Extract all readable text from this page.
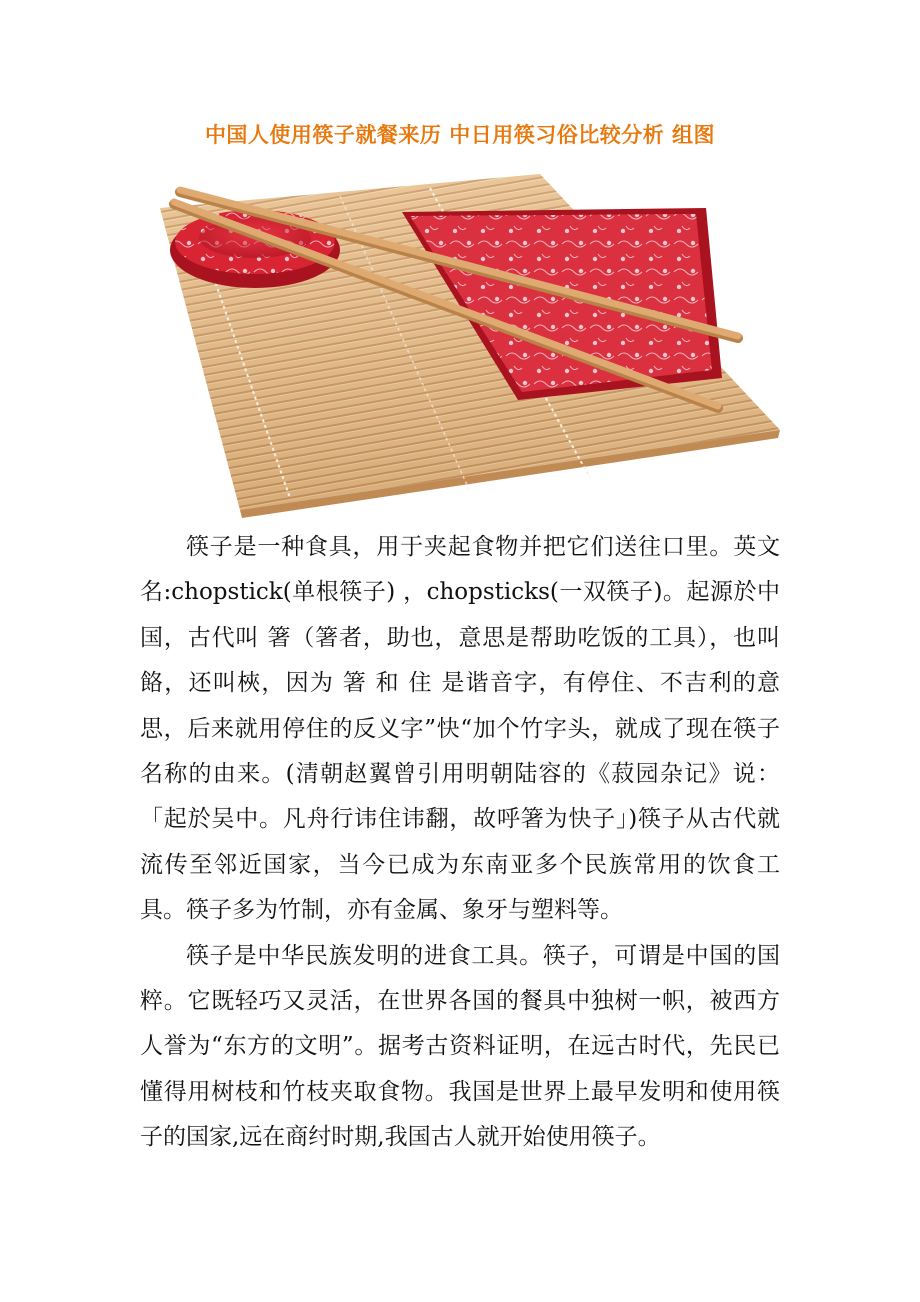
中国人使用筷子就餐来历 中日用筷习俗比较分析 组图

筷子是一种食具，用于夹起食物并把它们送往口里。英文名:chopstick(单根筷子) ，chopsticks(一双筷子)。起源於中国，古代叫 箸（箸者，助也，意思是帮助吃饭的工具），也叫餎，还叫梜，因为 箸 和 住 是谐音字，有停住、不吉利的意思，后来就用停住的反义字”快“加个竹字头，就成了现在筷子名称的由来。(清朝赵翼曾引用明朝陆容的《菽园杂记》说：「起於吴中。凡舟行讳住讳翻，故呼箸为快子」)筷子从古代就流传至邻近国家，当今已成为东南亚多个民族常用的饮食工具。筷子多为竹制，亦有金属、象牙与塑料等。

筷子是中华民族发明的进食工具。筷子，可谓是中国的国粹。它既轻巧又灵活，在世界各国的餐具中独树一帜，被西方人誉为“东方的文明”。据考古资料证明，在远古时代，先民已懂得用树枝和竹枝夹取食物。我国是世界上最早发明和使用筷子的国家,远在商纣时期,我国古人就开始使用筷子。
